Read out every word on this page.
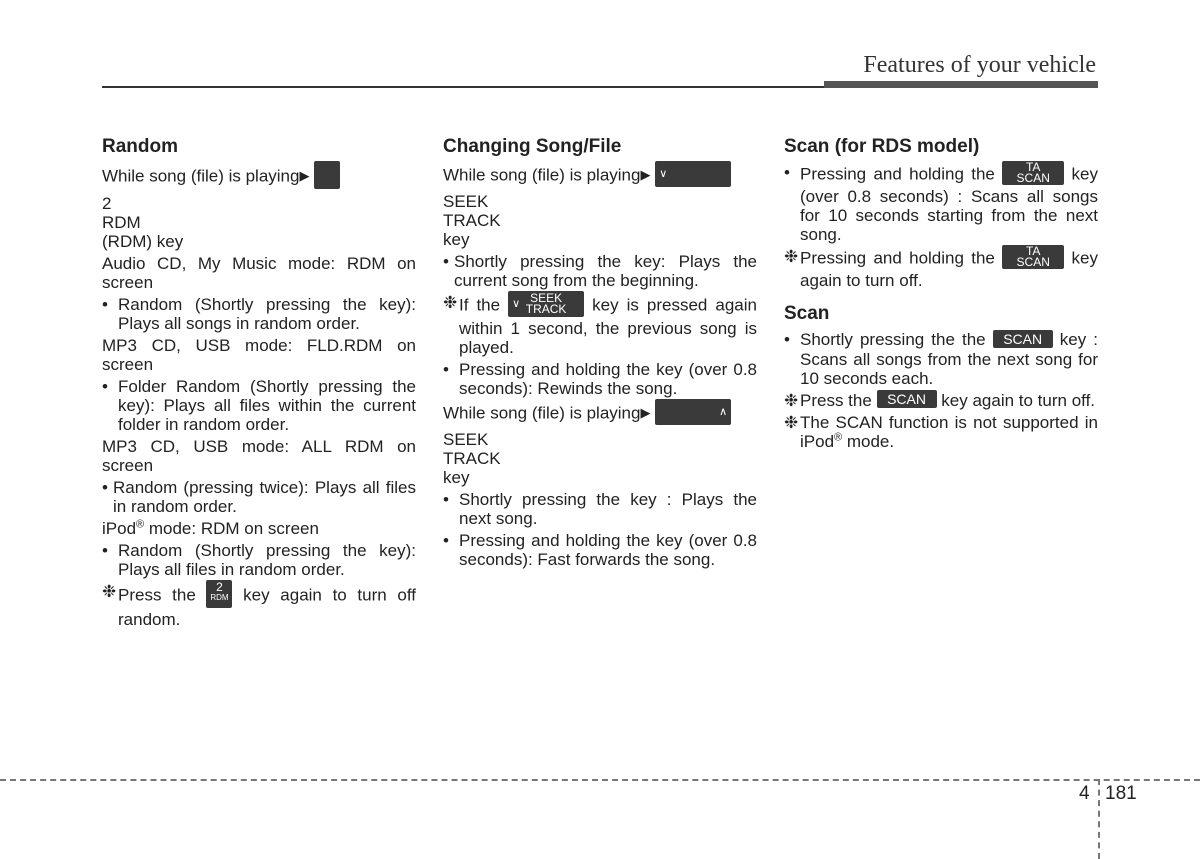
Features of your vehicle
Random

While song (file) is playing▶

2
RDM
(RDM) key

Audio CD, My Music mode: RDM on screen

• Random (Shortly pressing the key): Plays all songs in random order.

MP3 CD, USB mode: FLD.RDM on screen

• Folder Random (Shortly pressing the key): Plays all files within the current folder in random order.

MP3 CD, USB mode: ALL RDM on screen

• Random (pressing twice): Plays all files in random order.

iPod® mode: RDM on screen

• Random (Shortly pressing the key): Plays all files in random order.
❉ Press the	2
RDM key again to turn off random.
Changing Song/File

While song (file) is playing▶ ∨

SEEK
TRACK
key

• Shortly pressing the key: Plays the current song from the beginning.
❉ If the ∨ SEEK
TRACK	key is pressed again within 1 second, the previous song is played.
• Pressing and holding the key (over 0.8 seconds): Rewinds the song.

While song (file) is playing▶	∧

SEEK
TRACK
key

• Shortly pressing the key : Plays the next song.
• Pressing and holding the key (over 0.8 seconds): Fast forwards the song.
Scan (for RDS model)
• Pressing and holding the	TA
SCAN	key (over 0.8 seconds) : Scans all songs for 10 seconds starting from the next song.
❉ Pressing and holding the	TA
SCAN	key again to turn off.
Scan
• Shortly pressing the the SCAN key : Scans all songs from the next song for 10 seconds each.
❉ Press the SCAN key again to turn off.
❉ The SCAN function is not supported in iPod® mode.
4 181
